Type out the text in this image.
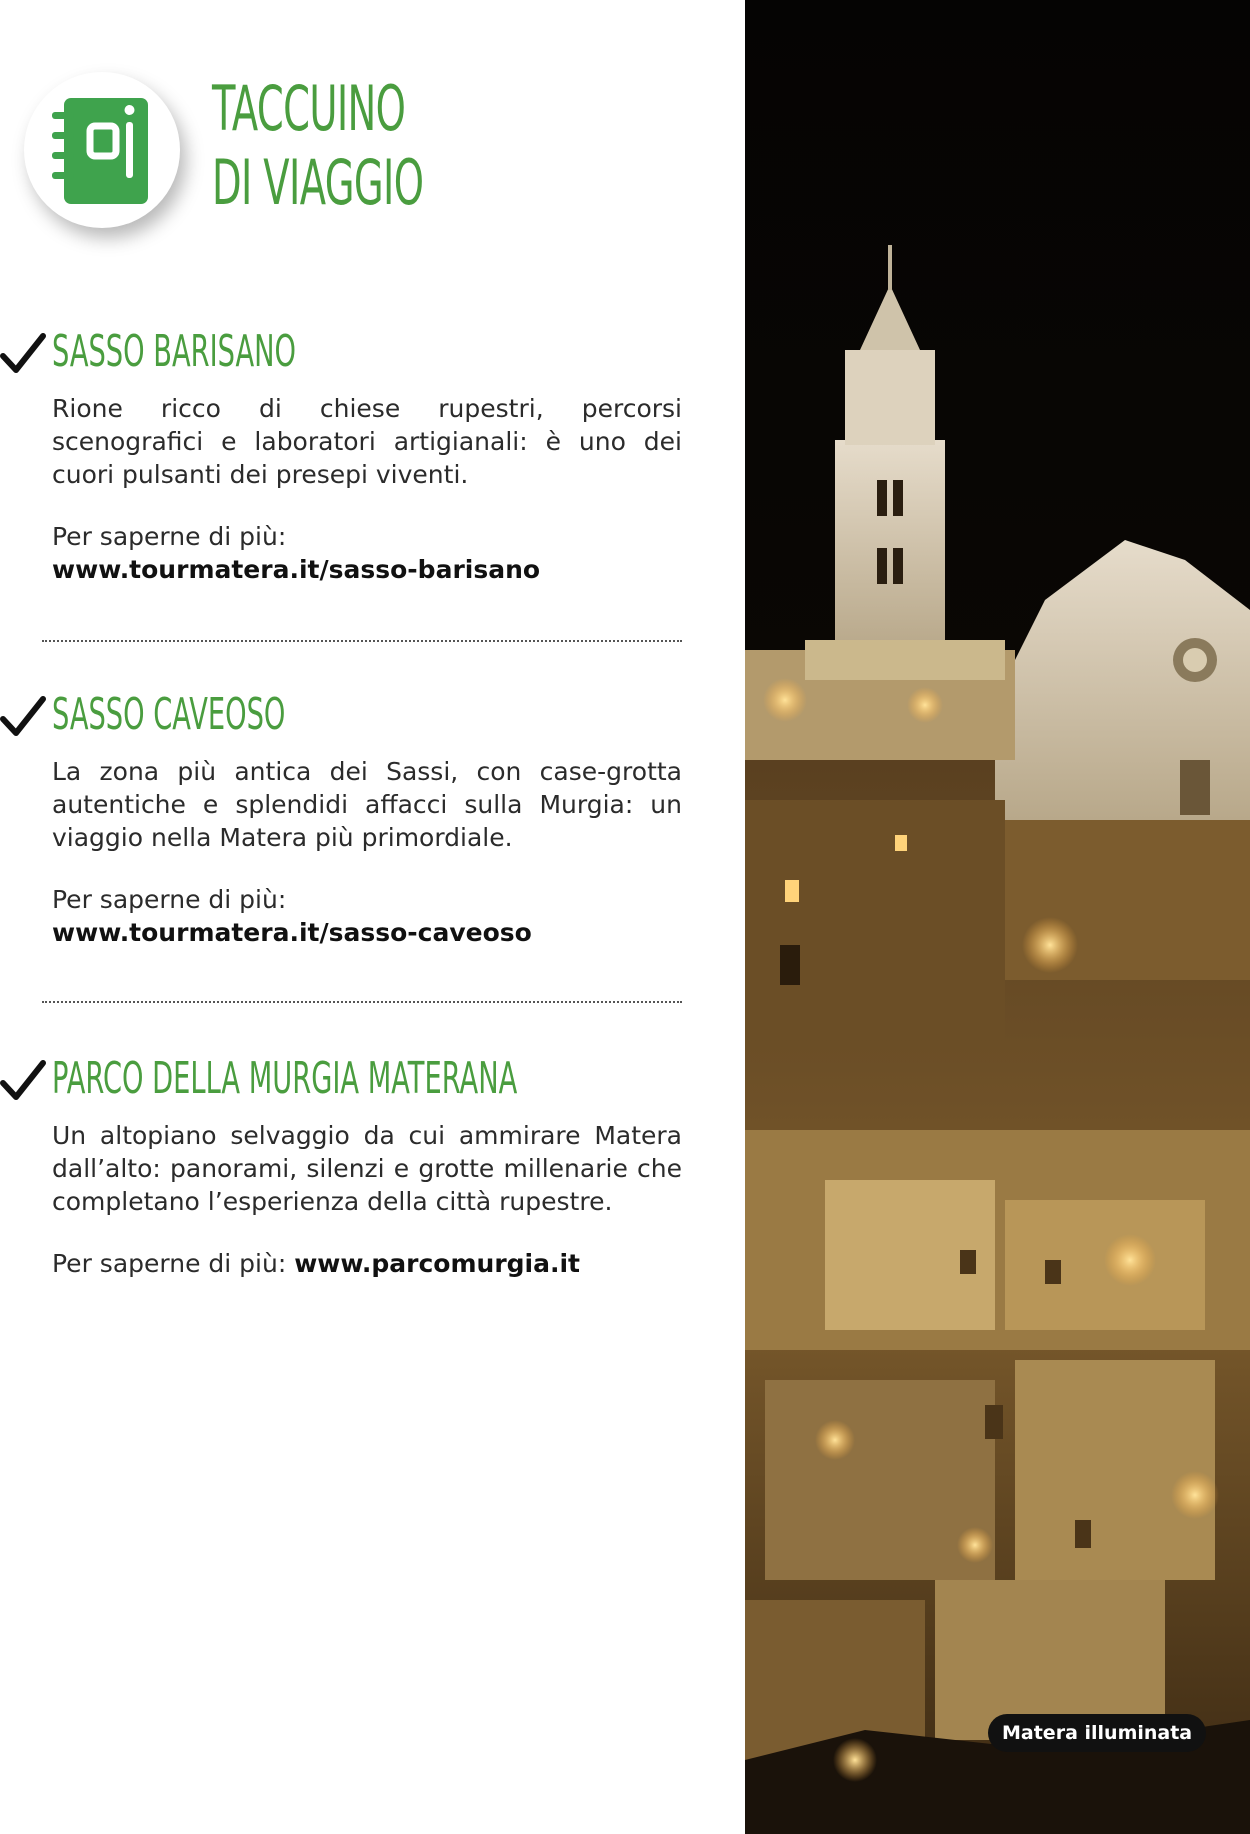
TACCUINO
DI VIAGGIO
SASSO BARISANO
Rione ricco di chiese rupestri, percorsi scenografici e laboratori artigianali: è uno dei cuori pulsanti dei presepi viventi.
Per saperne di più:
www.tourmatera.it/sasso-barisano
SASSO CAVEOSO
La zona più antica dei Sassi, con case-grotta autentiche e splendidi affacci sulla Murgia: un viaggio nella Matera più primordiale.
Per saperne di più:
www.tourmatera.it/sasso-caveoso
PARCO DELLA MURGIA MATERANA
Un altopiano selvaggio da cui ammirare Matera dall’alto: panorami, silenzi e grotte millenarie che completano l’esperienza della città rupestre.
Per saperne di più: www.parcomurgia.it
Matera illuminata
